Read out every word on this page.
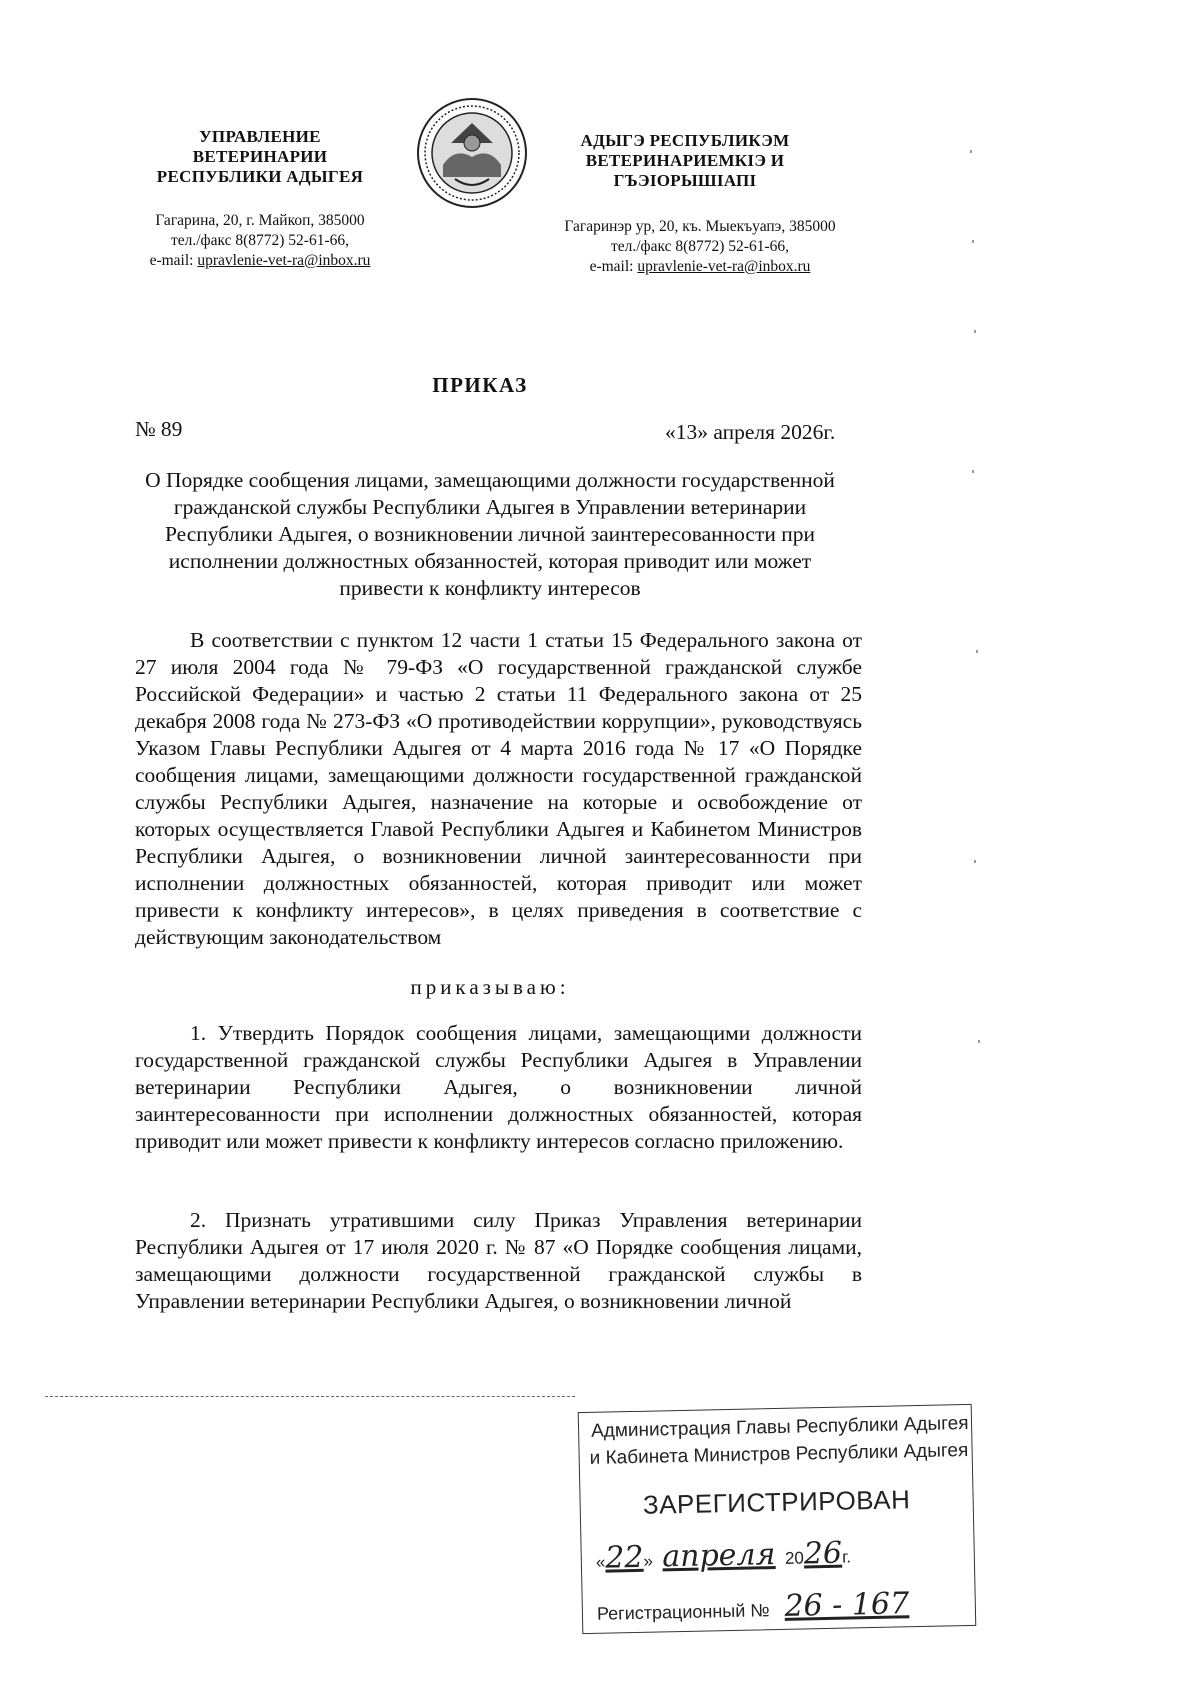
УПРАВЛЕНИЕ
ВЕТЕРИНАРИИ
РЕСПУБЛИКИ АДЫГЕЯ
Гагарина, 20, г. Майкоп, 385000
тел./факс 8(8772) 52-61-66,
e-mail: upravlenie-vet-ra@inbox.ru
АДЫГЭ РЕСПУБЛИКЭМ
ВЕТЕРИНАРИЕМКIЭ И
ГЪЭIОРЫШIАПI
Гагаринэр ур, 20, къ. Мыекъуапэ, 385000
тел./факс 8(8772) 52-61-66,
e-mail: upravlenie-vet-ra@inbox.ru
ПРИКАЗ
№ 89	«13» апреля 2026г.
О Порядке сообщения лицами, замещающими должности государственной
гражданской службы Республики Адыгея в Управлении ветеринарии
Республики Адыгея, о возникновении личной заинтересованности при
исполнении должностных обязанностей, которая приводит или может
привести к конфликту интересов
В соответствии с пунктом 12 части 1 статьи 15 Федерального закона от 27 июля 2004 года № 79-ФЗ «О государственной гражданской службе Российской Федерации» и частью 2 статьи 11 Федерального закона от 25 декабря 2008 года № 273-ФЗ «О противодействии коррупции», руководствуясь Указом Главы Республики Адыгея от 4 марта 2016 года № 17 «О Порядке сообщения лицами, замещающими должности государственной гражданской службы Республики Адыгея, назначение на которые и освобождение от которых осуществляется Главой Республики Адыгея и Кабинетом Министров Республики Адыгея, о возникновении личной заинтересованности при исполнении должностных обязанностей, которая приводит или может привести к конфликту интересов», в целях приведения в соответствие с действующим законодательством
приказываю:
1. Утвердить Порядок сообщения лицами, замещающими должности государственной гражданской службы Республики Адыгея в Управлении ветеринарии Республики Адыгея, о возникновении личной заинтересованности при исполнении должностных обязанностей, которая приводит или может привести к конфликту интересов согласно приложению.
2. Признать утратившими силу Приказ Управления ветеринарии Республики Адыгея от 17 июля 2020 г. № 87 «О Порядке сообщения лицами, замещающими должности государственной гражданской службы в Управлении ветеринарии Республики Адыгея, о возникновении личной
Администрация Главы Республики Адыгея
и Кабинета Министров Республики Адыгея
ЗАРЕГИСТРИРОВАН
«22»  апреля 2026г.
Регистрационный № 26 - 167
